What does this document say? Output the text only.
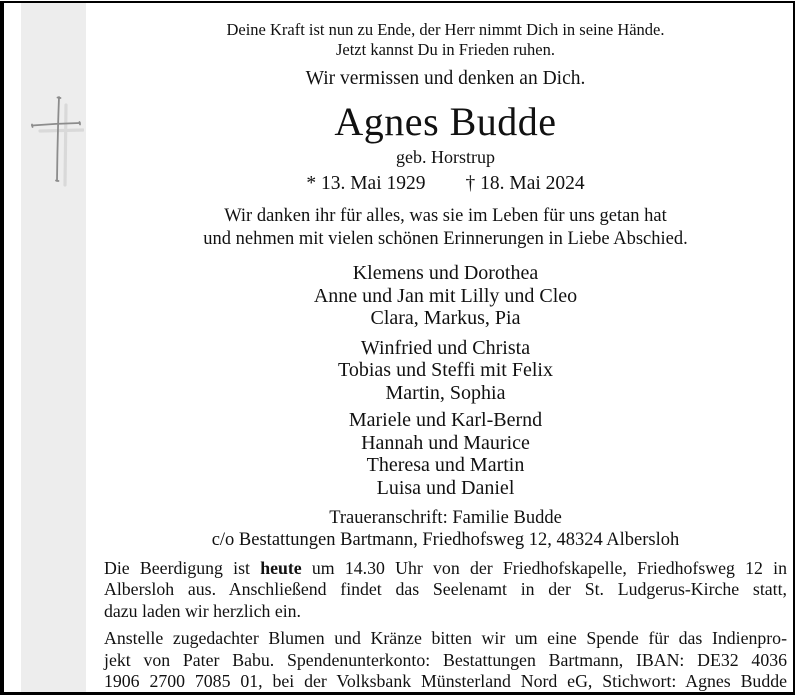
Deine Kraft ist nun zu Ende, der Herr nimmt Dich in seine Hände.
Jetzt kannst Du in Frieden ruhen.
Wir vermissen und denken an Dich.
Agnes Budde
geb. Horstrup
* 13. Mai 1929 † 18. Mai 2024
Wir danken ihr für alles, was sie im Leben für uns getan hat
und nehmen mit vielen schönen Erinnerungen in Liebe Abschied.
Klemens und Dorothea
Anne und Jan mit Lilly und Cleo
Clara, Markus, Pia
Winfried und Christa
Tobias und Steffi mit Felix
Martin, Sophia
Mariele und Karl-Bernd
Hannah und Maurice
Theresa und Martin
Luisa und Daniel
Traueranschrift: Familie Budde
c/o Bestattungen Bartmann, Friedhofsweg 12, 48324 Albersloh
Die Beerdigung ist heute um 14.30 Uhr von der Friedhofskapelle, Friedhofsweg 12 in
Albersloh aus. Anschließend findet das Seelenamt in der St. Ludgerus-Kirche statt,
dazu laden wir herzlich ein.
Anstelle zugedachter Blumen und Kränze bitten wir um eine Spende für das Indienpro-
jekt von Pater Babu. Spendenunterkonto: Bestattungen Bartmann, IBAN: DE32 4036
1906 2700 7085 01, bei der Volksbank Münsterland Nord eG, Stichwort: Agnes Budde
